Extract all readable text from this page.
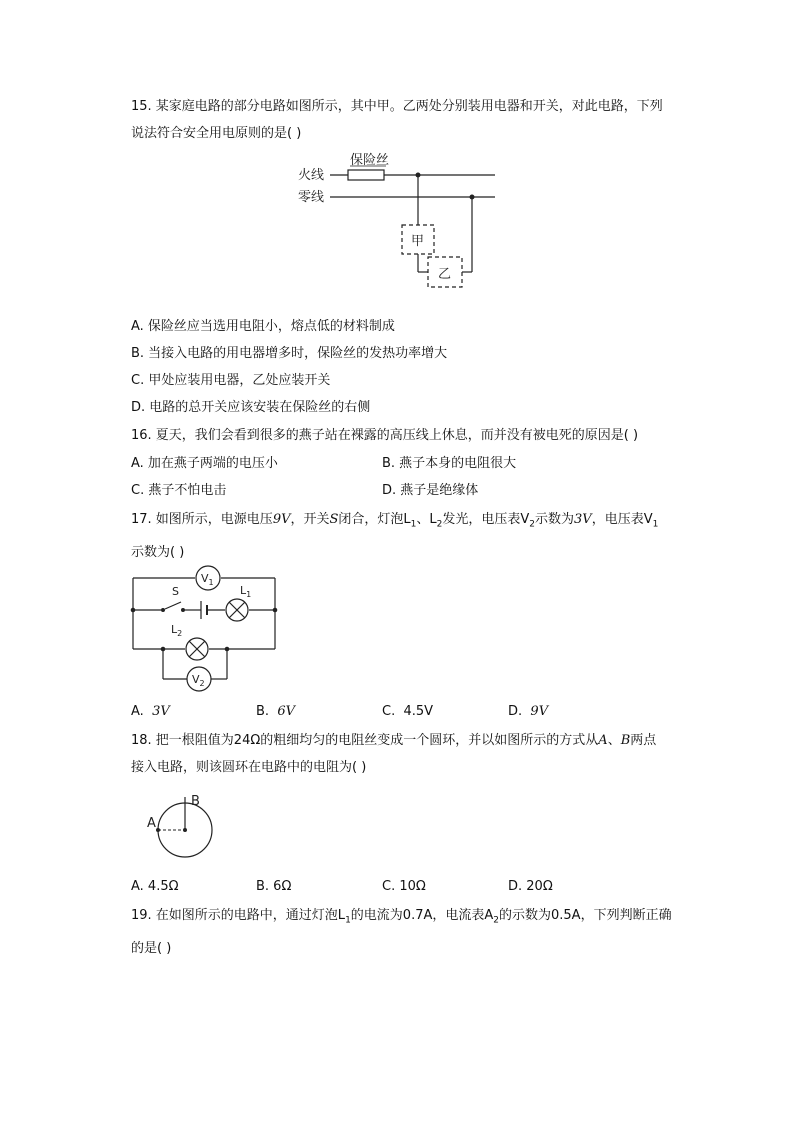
15. 某家庭电路的部分电路如图所示，其中甲。乙两处分别装用电器和开关，对此电路，下列
说法符合安全用电原则的是( )
火线
零线
保险丝
甲
乙
A. 保险丝应当选用电阻小，熔点低的材料制成
B. 当接入电路的用电器增多时，保险丝的发热功率增大
C. 甲处应装用电器，乙处应装开关
D. 电路的总开关应该安装在保险丝的右侧
16. 夏天，我们会看到很多的燕子站在裸露的高压线上休息，而并没有被电死的原因是( )
A. 加在燕子两端的电压小	B. 燕子本身的电阻很大
C. 燕子不怕电击	D. 燕子是绝缘体
17. 如图所示，电源电压9V，开关S闭合，灯泡$L_1$、$L_2$发光，电压表$V_2$示数为3V，电压表$V_1$
示数为( )
S	$L_1$
$L_2$
$V_1$
$V_2$
A. 3V	B. 6V	C. 4.5V	D. 9V
18. 把一根阻值为24Ω的粗细均匀的电阻丝变成一个圆环，并以如图所示的方式从A、B两点
接入电路，则该圆环在电路中的电阻为( )
A
B
A. 4.5Ω	B. 6Ω	C. 10Ω	D. 20Ω
19. 在如图所示的电路中，通过灯泡$L_1$的电流为0.7A，电流表$A_2$的示数为0.5A，下列判断正确
的是( )
